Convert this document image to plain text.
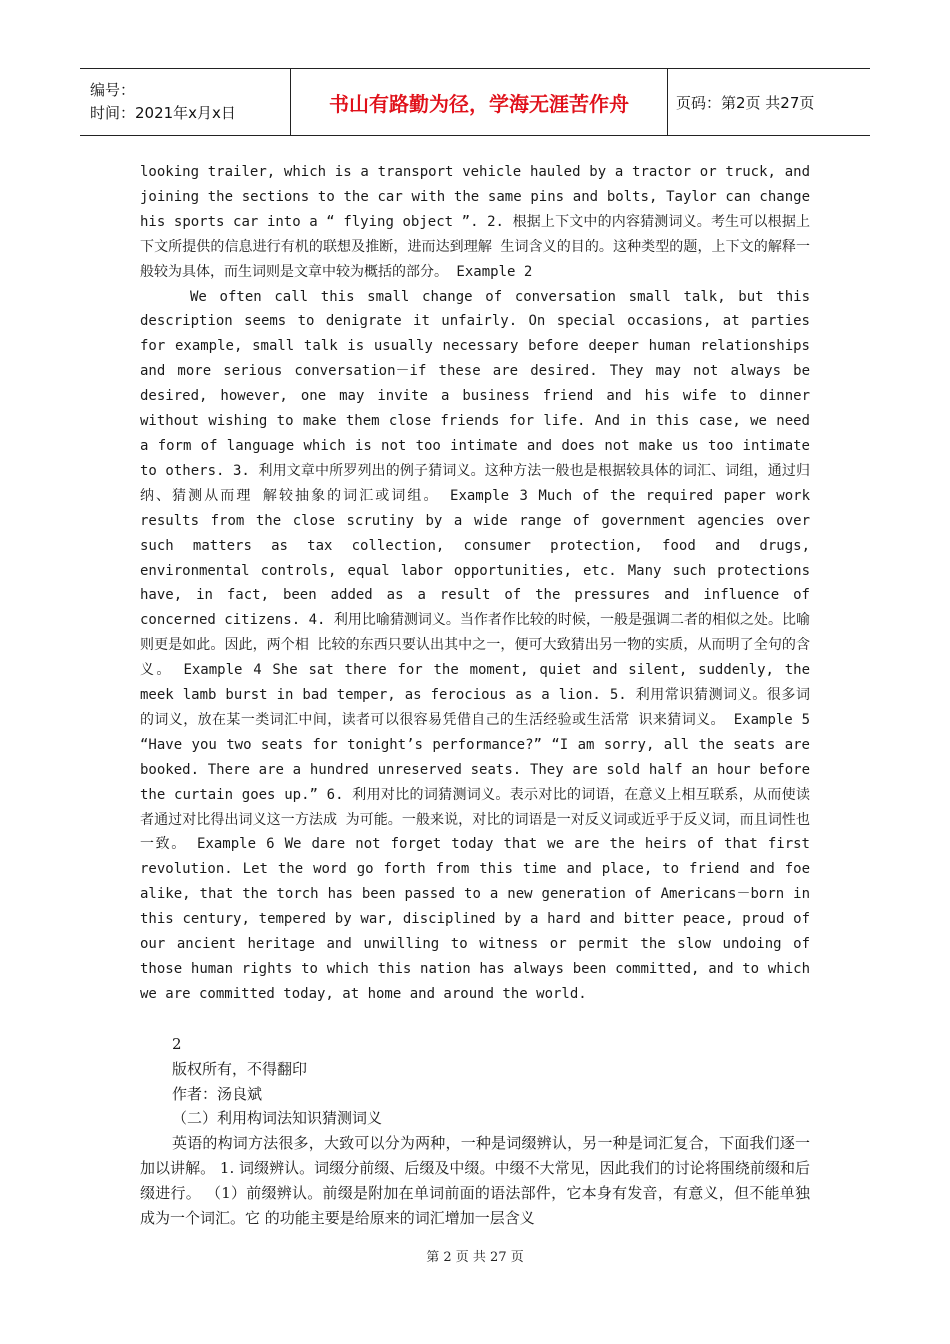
编号：
时间：2021年x月x日	书山有路勤为径，学海无涯苦作舟	页码：第2页 共27页

looking trailer, which is a transport vehicle hauled by a tractor or truck, and joining the sections to the car with the same pins and bolts, Taylor can change his sports car into a “ flying object ”. 2. 根据上下文中的内容猜测词义。考生可以根据上下文所提供的信息进行有机的联想及推断，进而达到理解 生词含义的目的。这种类型的题，上下文的解释一般较为具体，而生词则是文章中较为概括的部分。 Example 2

We often call this small change of conversation small talk, but this description seems to denigrate it unfairly. On special occasions, at parties for example, small talk is usually necessary before deeper human relationships and more serious conversation－if these are desired. They may not always be desired, however, one may invite a business friend and his wife to dinner without wishing to make them close friends for life. And in this case, we need a form of language which is not too intimate and does not make us too intimate to others. 3. 利用文章中所罗列出的例子猜词义。这种方法一般也是根据较具体的词汇、词组，通过归纳、猜测从而理 解较抽象的词汇或词组。 Example 3 Much of the required paper work results from the close scrutiny by a wide range of government agencies over such matters as tax collection, consumer protection, food and drugs, environmental controls, equal labor opportunities, etc. Many such protections have, in fact, been added as a result of the pressures and influence of concerned citizens. 4. 利用比喻猜测词义。当作者作比较的时候，一般是强调二者的相似之处。比喻则更是如此。因此，两个相 比较的东西只要认出其中之一，便可大致猜出另一物的实质，从而明了全句的含义。 Example 4 She sat there for the moment, quiet and silent, suddenly, the meek lamb burst in bad temper, as ferocious as a lion. 5. 利用常识猜测词义。很多词的词义，放在某一类词汇中间，读者可以很容易凭借自己的生活经验或生活常 识来猜词义。 Example 5 “Have you two seats for tonight’s performance?” “I am sorry, all the seats are booked. There are a hundred unreserved seats. They are sold half an hour before the curtain goes up.” 6. 利用对比的词猜测词义。表示对比的词语，在意义上相互联系，从而使读者通过对比得出词义这一方法成 为可能。一般来说，对比的词语是一对反义词或近乎于反义词，而且词性也一致。 Example 6 We dare not forget today that we are the heirs of that first revolution. Let the word go forth from this time and place, to friend and foe alike, that the torch has been passed to a new generation of Americans－born in this century, tempered by war, disciplined by a hard and bitter peace, proud of our ancient heritage and unwilling to witness or permit the slow undoing of those human rights to which this nation has always been committed, and to which we are committed today, at home and around the world.

2

版权所有，不得翻印

作者：汤良斌

（二）利用构词法知识猜测词义

英语的构词方法很多，大致可以分为两种，一种是词缀辨认，另一种是词汇复合，下面我们逐一加以讲解。 1. 词缀辨认。词缀分前缀、后缀及中缀。中缀不大常见，因此我们的讨论将围绕前缀和后缀进行。 （1）前缀辨认。前缀是附加在单词前面的语法部件，它本身有发音，有意义，但不能单独成为一个词汇。它 的功能主要是给原来的词汇增加一层含义

第 2 页 共 27 页
